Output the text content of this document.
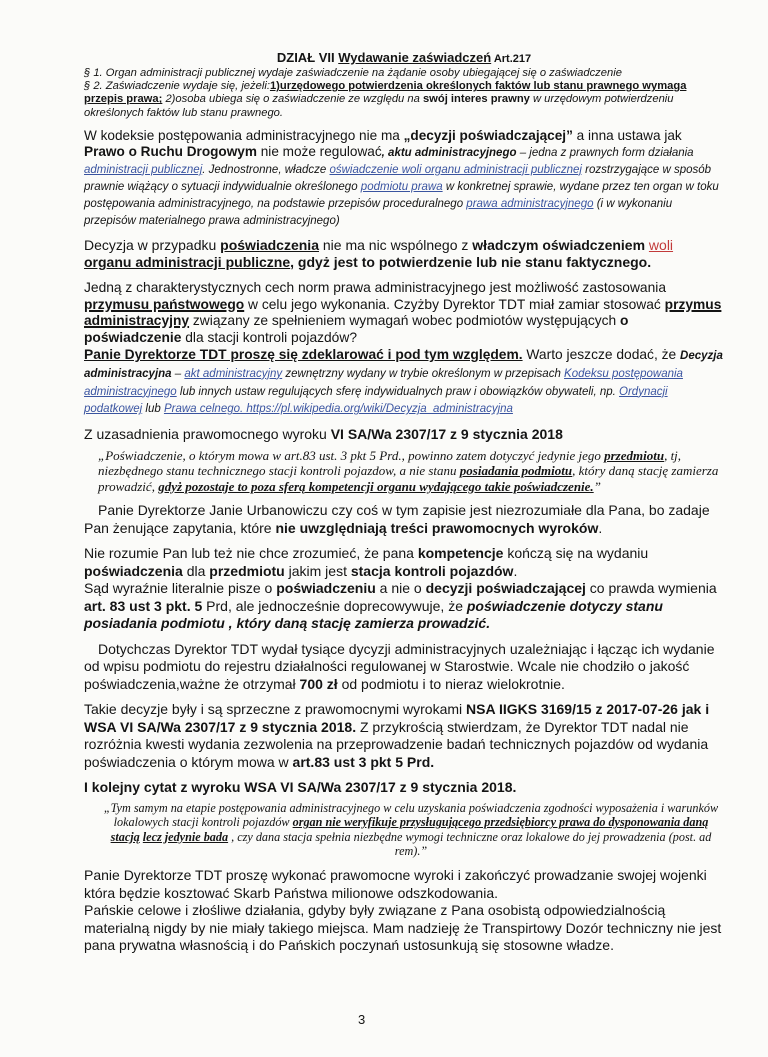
DZIAŁ VII Wydawanie zaświadczeń Art.217

§ 1. Organ administracji publicznej wydaje zaświadczenie na żądanie osoby ubiegającej się o zaświadczenie

§ 2. Zaświadczenie wydaje się, jeżeli:1)urzędowego potwierdzenia określonych faktów lub stanu prawnego wymaga przepis prawa; 2)osoba ubiega się o zaświadczenie ze względu na swój interes prawny w urzędowym potwierdzeniu określonych faktów lub stanu prawnego.

W kodeksie postępowania administracyjnego nie ma „decyzji poświadczającej” a inna ustawa jak Prawo o Ruchu Drogowym nie może regulować, aktu administracyjnego – jedna z prawnych form działania administracji publicznej. Jednostronne, władcze oświadczenie woli organu administracji publicznej rozstrzygające w sposób prawnie wiążący o sytuacji indywidualnie określonego podmiotu prawa w konkretnej sprawie, wydane przez ten organ w toku postępowania administracyjnego, na podstawie przepisów proceduralnego prawa administracyjnego (i w wykonaniu przepisów materialnego prawa administracyjnego)

Decyzja w przypadku poświadczenia nie ma nic wspólnego z władczym oświadczeniem woli organu administracji publiczne, gdyż jest to potwierdzenie lub nie stanu faktycznego.

Jedną z charakterystycznych cech norm prawa administracyjnego jest możliwość zastosowania przymusu państwowego w celu jego wykonania. Czyżby Dyrektor TDT miał zamiar stosować przymus administracyjny związany ze spełnieniem wymagań wobec podmiotów występujących o poświadczenie dla stacji kontroli pojazdów?
Panie Dyrektorze TDT proszę się zdeklarować i pod tym względem. Warto jeszcze dodać, że Decyzja administracyjna – akt administracyjny zewnętrzny wydany w trybie określonym w przepisach Kodeksu postępowania administracyjnego lub innych ustaw regulujących sferę indywidualnych praw i obowiązków obywateli, np. Ordynacji podatkowej lub Prawa celnego. https://pl.wikipedia.org/wiki/Decyzja_administracyjna

Z uzasadnienia prawomocnego wyroku VI SA/Wa 2307/17 z 9 stycznia 2018

„Poświadczenie, o którym mowa w art.83 ust. 3 pkt 5 Prd., powinno zatem dotyczyć jedynie jego przedmiotu, tj, niezbędnego stanu technicznego stacji kontroli pojazdow, a nie stanu posiadania podmiotu, który daną stację zamierza prowadzić, gdyż pozostaje to poza sferą kompetencji organu wydającego takie poświadczenie.”

Panie Dyrektorze Janie Urbanowiczu czy coś w tym zapisie jest niezrozumiałe dla Pana, bo zadaje Pan żenujące zapytania, które nie uwzględniają treści prawomocnych wyroków.

Nie rozumie Pan lub też nie chce zrozumieć, że pana kompetencje kończą się na wydaniu poświadczenia dla przedmiotu jakim jest stacja kontroli pojazdów.
Sąd wyraźnie literalnie pisze o poświadczeniu a nie o decyzji poświadczającej co prawda wymienia art. 83 ust 3 pkt. 5 Prd, ale jednocześnie doprecowywuje, że poświadczenie dotyczy stanu posiadania podmiotu , który daną stację zamierza prowadzić.

Dotychczas Dyrektor TDT wydał tysiące dycyzji administracyjnych uzależniając i łącząc ich wydanie od wpisu podmiotu do rejestru działalności regulowanej w Starostwie. Wcale nie chodziło o jakość poświadczenia,ważne że otrzymał 700 zł od podmiotu i to nieraz wielokrotnie.

Takie decyzje były i są sprzeczne z prawomocnymi wyrokami NSA IIGKS 3169/15 z 2017-07-26 jak i WSA VI SA/Wa 2307/17 z 9 stycznia 2018. Z przykrością stwierdzam, że Dyrektor TDT nadal nie rozróżnia kwesti wydania zezwolenia na przeprowadzenie badań technicznych pojazdów od wydania poświadczenia o którym mowa w art.83 ust 3 pkt 5 Prd.

I kolejny cytat z wyroku WSA VI SA/Wa 2307/17 z 9 stycznia 2018.

„Tym samym na etapie postępowania administracyjnego w celu uzyskania poświadczenia zgodności wyposażenia i warunków lokalowych stacji kontroli pojazdów organ nie weryfikuje przysługującego przedsiębiorcy prawa do dysponowania daną stacją lecz jedynie bada , czy dana stacja spełnia niezbędne wymogi techniczne oraz lokalowe do jej prowadzenia (post. ad rem).”

Panie Dyrektorze TDT proszę wykonać prawomocne wyroki i zakończyć prowadzanie swojej wojenki która będzie kosztować Skarb Państwa milionowe odszkodowania.
Pańskie celowe i złośliwe działania, gdyby były związane z Pana osobistą odpowiedzialnością materialną nigdy by nie miały takiego miejsca. Mam nadzieję że Transpirtowy Dozór techniczny nie jest pana prywatna własnością i do Pańskich poczynań ustosunkują się stosowne władze.

3
